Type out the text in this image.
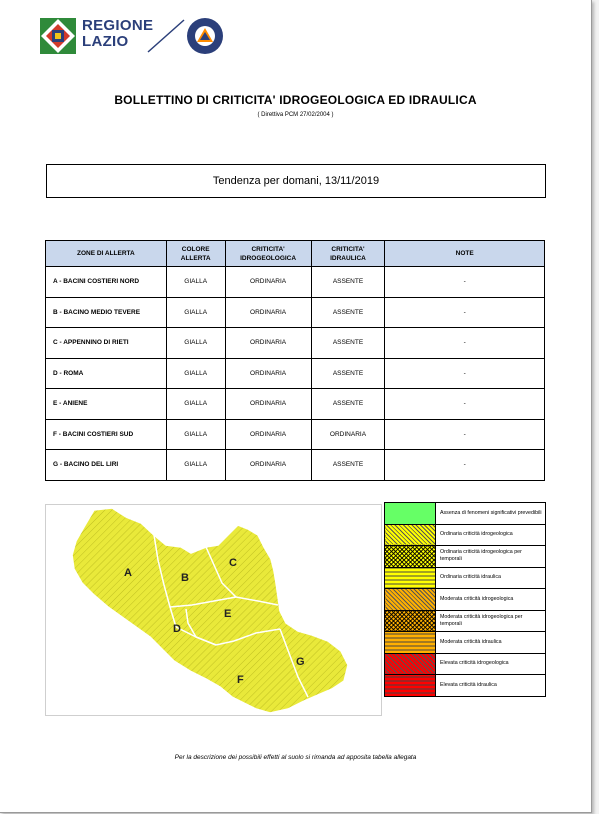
REGIONE
LAZIO
BOLLETTINO DI CRITICITA' IDROGEOLOGICA ED IDRAULICA
( Direttiva PCM 27/02/2004 )
Tendenza per domani, 13/11/2019
ZONE DI ALLERTA	COLORE ALLERTA	CRITICITA' IDROGEOLOGICA	CRITICITA' IDRAULICA	NOTE
A - BACINI COSTIERI NORD	GIALLA	ORDINARIA	ASSENTE	-
B - BACINO MEDIO TEVERE	GIALLA	ORDINARIA	ASSENTE	-
C - APPENNINO DI RIETI	GIALLA	ORDINARIA	ASSENTE	-
D - ROMA	GIALLA	ORDINARIA	ASSENTE	-
E - ANIENE	GIALLA	ORDINARIA	ASSENTE	-
F - BACINI COSTIERI SUD	GIALLA	ORDINARIA	ORDINARIA	-
G - BACINO DEL LIRI	GIALLA	ORDINARIA	ASSENTE	-
A	B
C
D
E
F
G
	Assenza di fenomeni significativi prevedibili
	Ordinaria criticità idrogeologica
	Ordinaria criticità idrogeologica per temporali
	Ordinaria criticità idraulica
	Moderata criticità idrogeologica
	Moderata criticità idrogeologica per temporali
	Moderata criticità idraulica
	Elevata criticità idrogeologica
	Elevata criticità idraulica
Per la descrizione dei possibili effetti al suolo si rimanda ad apposita tabella allegata
